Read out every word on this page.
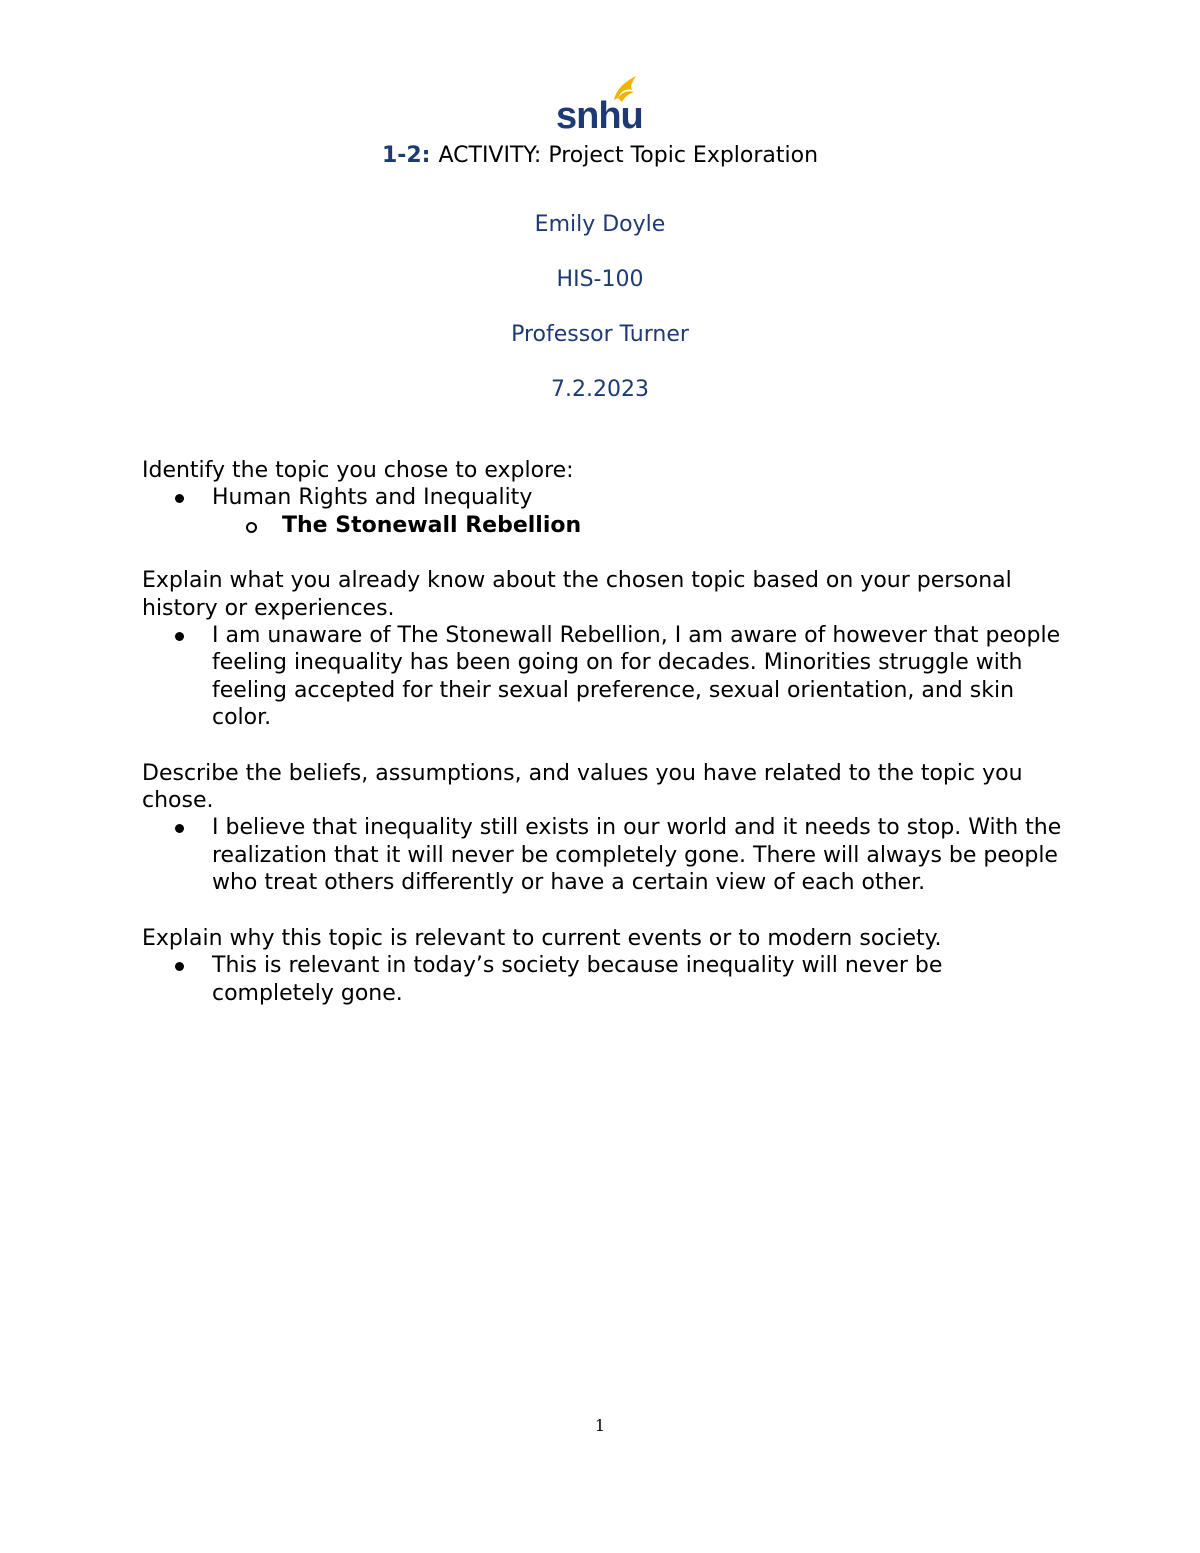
snhu
1-2: ACTIVITY: Project Topic Exploration
Emily Doyle
HIS-100
Professor Turner
7.2.2023

Identify the topic you chose to explore:

Human Rights and Inequality
The Stonewall Rebellion

Explain what you already know about the chosen topic based on your personal history or experiences.

I am unaware of The Stonewall Rebellion, I am aware of however that people feeling inequality has been going on for decades. Minorities struggle with feeling accepted for their sexual preference, sexual orientation, and skin color.

Describe the beliefs, assumptions, and values you have related to the topic you chose.

I believe that inequality still exists in our world and it needs to stop. With the realization that it will never be completely gone. There will always be people who treat others differently or have a certain view of each other.

Explain why this topic is relevant to current events or to modern society.

This is relevant in today’s society because inequality will never be completely gone.
1
